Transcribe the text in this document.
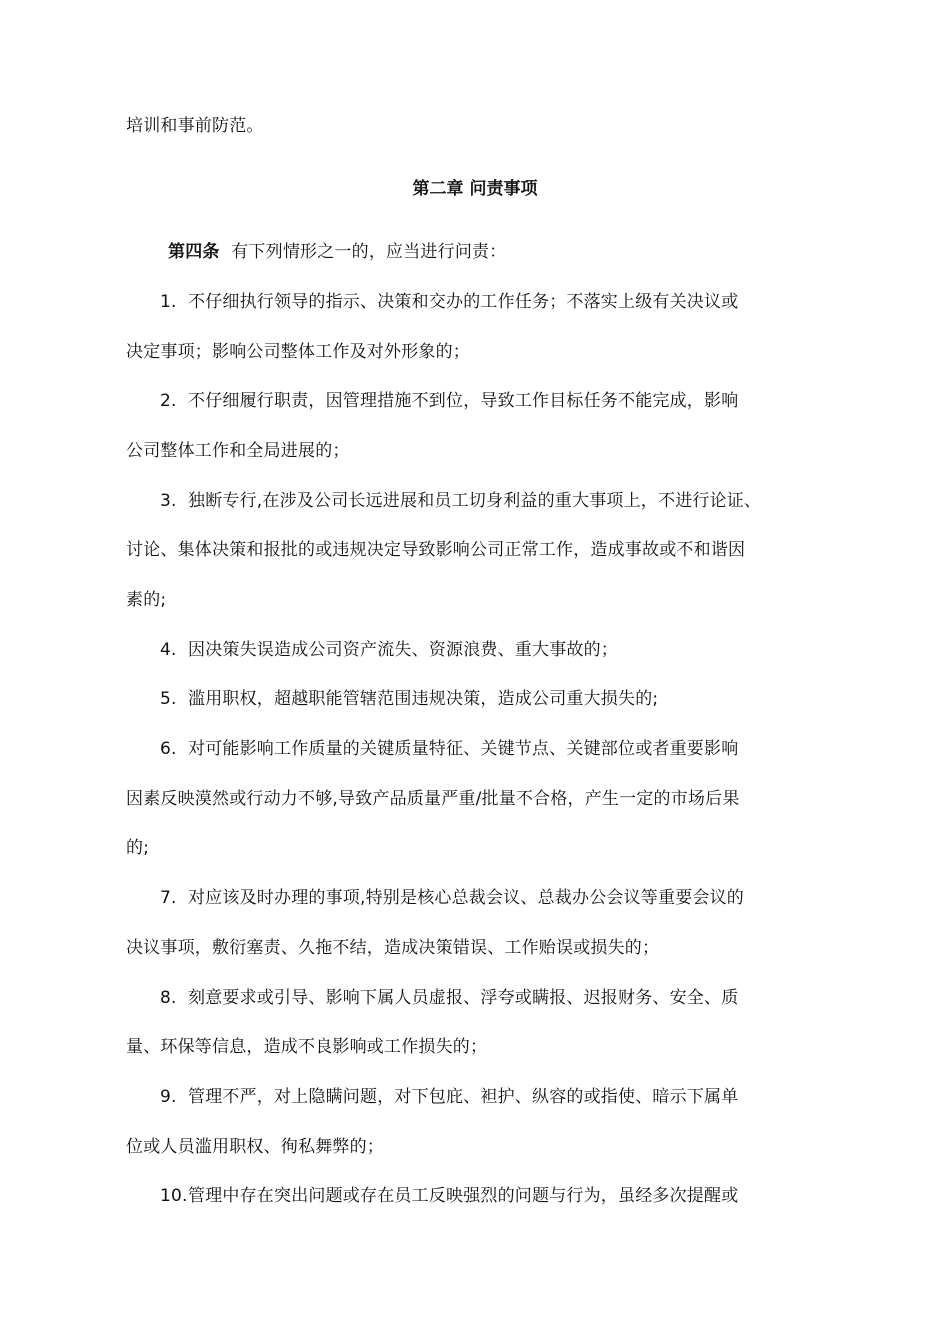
培训和事前防范。
第二章 问责事项
第四条 有下列情形之一的，应当进行问责：
1. 不仔细执行领导的指示、决策和交办的工作任务；不落实上级有关决议或
决定事项；影响公司整体工作及对外形象的；
2. 不仔细履行职责，因管理措施不到位，导致工作目标任务不能完成，影响
公司整体工作和全局进展的；
3. 独断专行,在涉及公司长远进展和员工切身利益的重大事项上，不进行论证、
讨论、集体决策和报批的或违规决定导致影响公司正常工作，造成事故或不和谐因
素的;
4. 因决策失误造成公司资产流失、资源浪费、重大事故的；
5. 滥用职权，超越职能管辖范围违规决策，造成公司重大损失的;
6. 对可能影响工作质量的关键质量特征、关键节点、关键部位或者重要影响
因素反映漠然或行动力不够,导致产品质量严重/批量不合格，产生一定的市场后果
的;
7. 对应该及时办理的事项,特别是核心总裁会议、总裁办公会议等重要会议的
决议事项，敷衍塞责、久拖不结，造成决策错误、工作贻误或损失的；
8. 刻意要求或引导、影响下属人员虚报、浮夸或瞒报、迟报财务、安全、质
量、环保等信息，造成不良影响或工作损失的；
9. 管理不严，对上隐瞒问题，对下包庇、袒护、纵容的或指使、暗示下属单
位或人员滥用职权、徇私舞弊的；
10.管理中存在突出问题或存在员工反映强烈的问题与行为，虽经多次提醒或
